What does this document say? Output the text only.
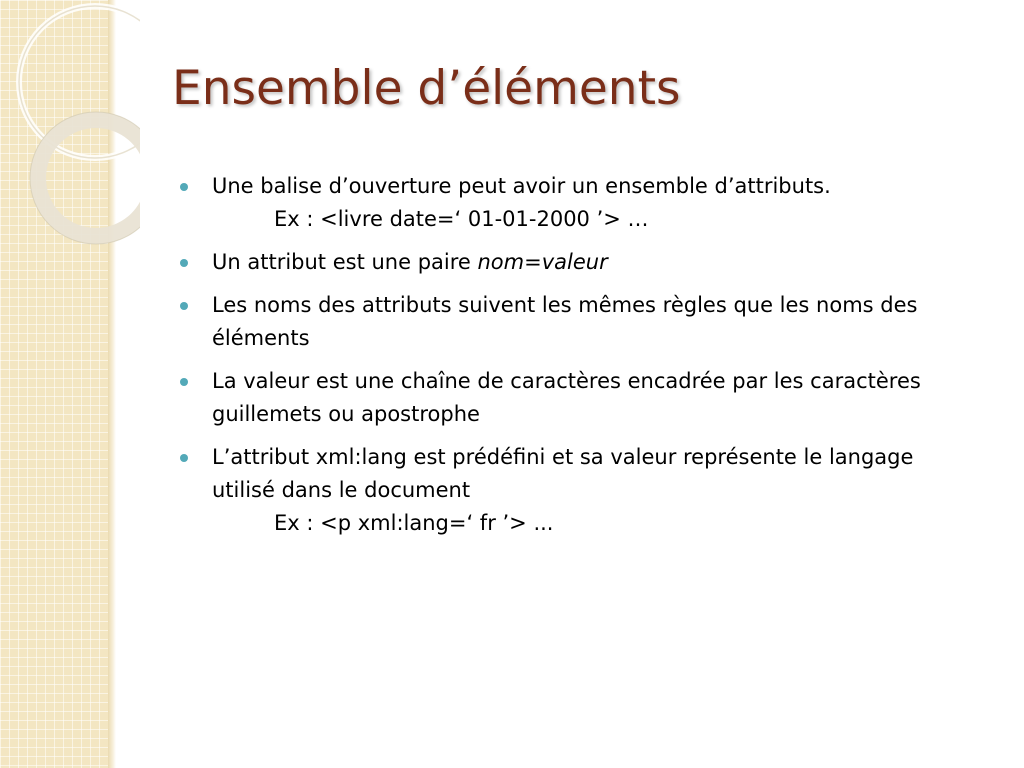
Ensemble d’éléments
Une balise d’ouverture peut avoir un ensemble d’attributs.
Ex : <livre date=‘ 01-01-2000 ’> …
Un attribut est une paire nom=valeur
Les noms des attributs suivent les mêmes règles que les noms des éléments
La valeur est une chaîne de caractères encadrée par les caractères guillemets ou apostrophe
L’attribut xml:lang est prédéfini et sa valeur représente le langage utilisé dans le document
Ex : <p xml:lang=‘ fr ’> ...
